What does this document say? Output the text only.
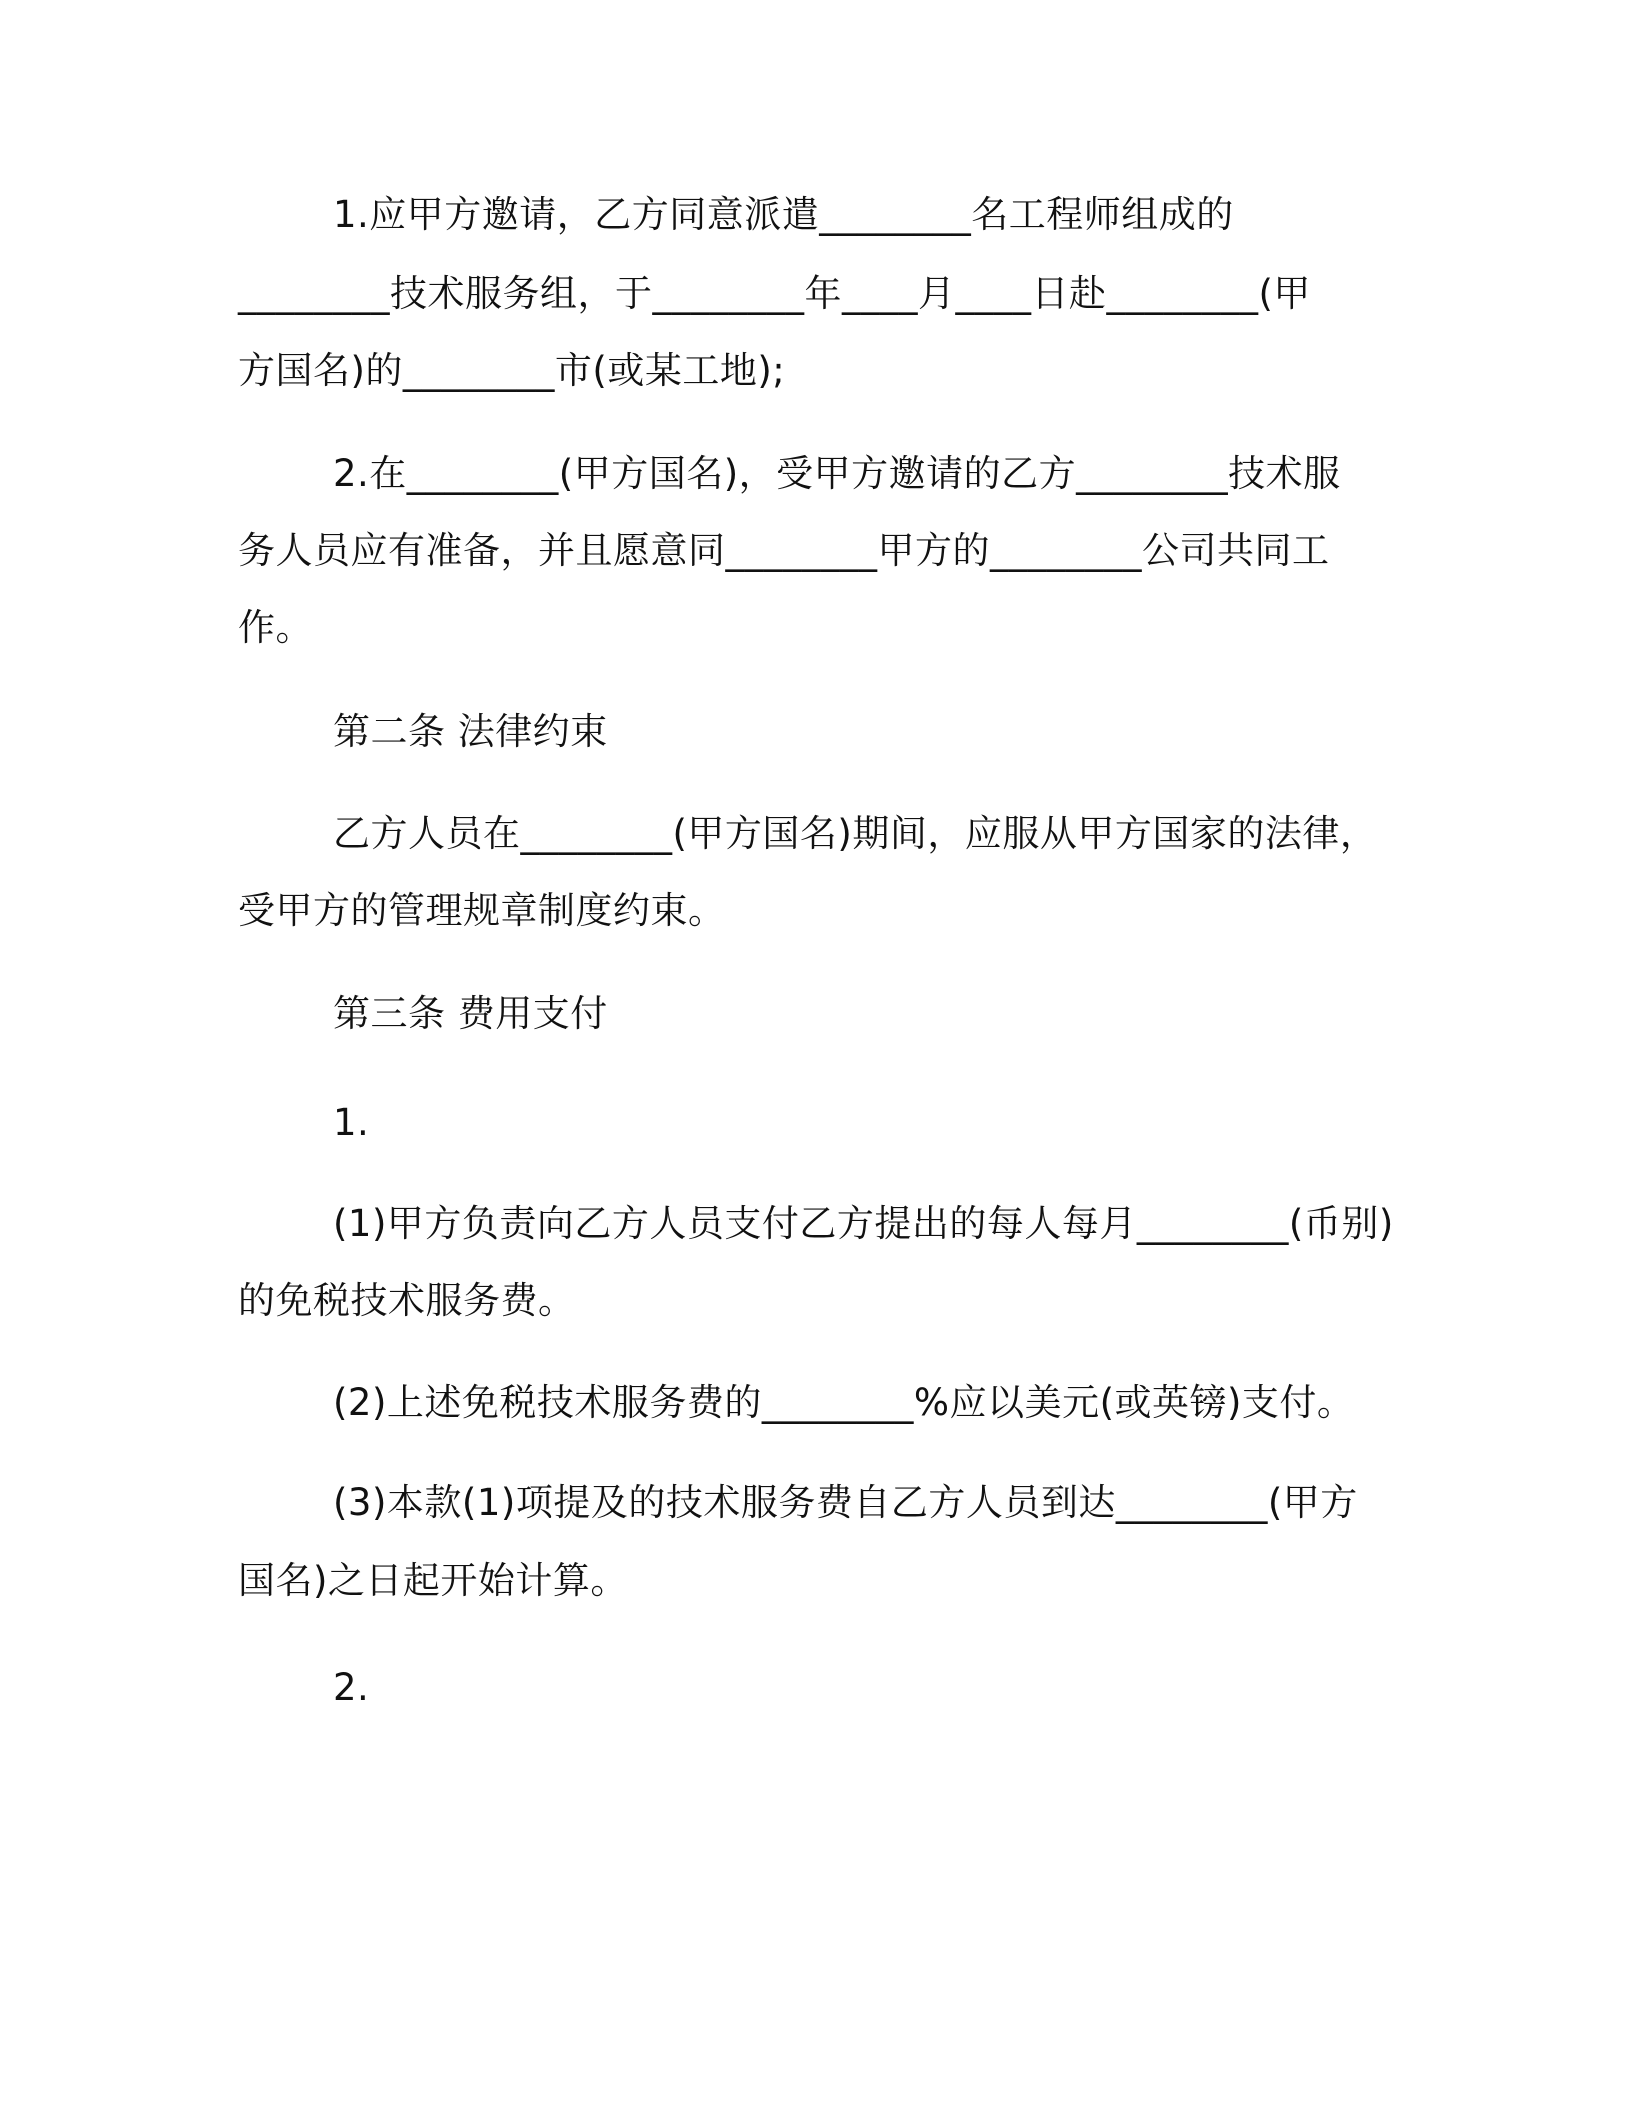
1.应甲方邀请，乙方同意派遣________名工程师组成的
________技术服务组，于________年____月____日赴________(甲
方国名)的________市(或某工地);
2.在________(甲方国名)，受甲方邀请的乙方________技术服
务人员应有准备，并且愿意同________甲方的________公司共同工
作。
第二条 法律约束
乙方人员在________(甲方国名)期间，应服从甲方国家的法律，
受甲方的管理规章制度约束。
第三条 费用支付
1.
(1)甲方负责向乙方人员支付乙方提出的每人每月________(币别)
的免税技术服务费。
(2)上述免税技术服务费的________%应以美元(或英镑)支付。
(3)本款(1)项提及的技术服务费自乙方人员到达________(甲方
国名)之日起开始计算。
2.
